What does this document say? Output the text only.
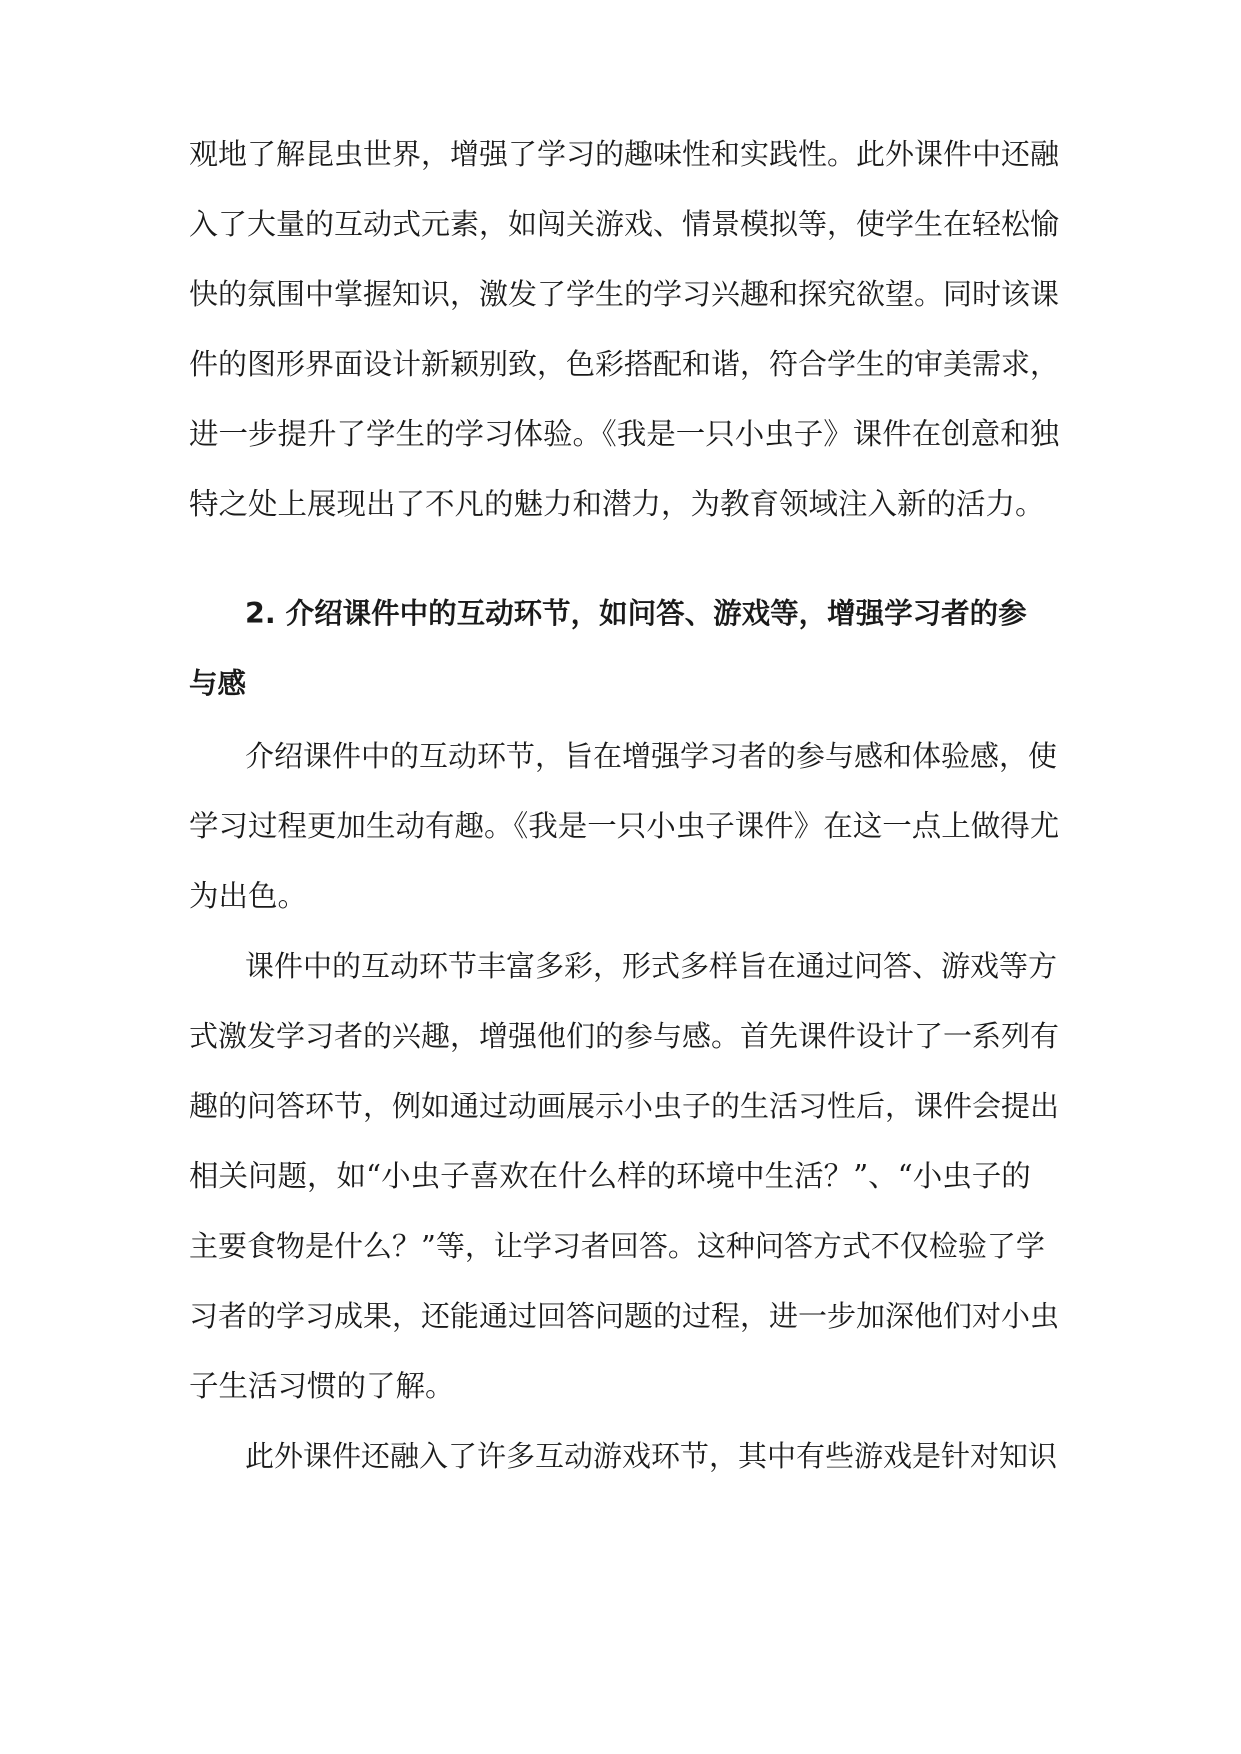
观地了解昆虫世界，增强了学习的趣味性和实践性。此外课件中还融
入了大量的互动式元素，如闯关游戏、情景模拟等，使学生在轻松愉
快的氛围中掌握知识，激发了学生的学习兴趣和探究欲望。同时该课
件的图形界面设计新颖别致，色彩搭配和谐，符合学生的审美需求，
进一步提升了学生的学习体验。《我是一只小虫子》课件在创意和独
特之处上展现出了不凡的魅力和潜力，为教育领域注入新的活力。
2. 介绍课件中的互动环节，如问答、游戏等，增强学习者的参
与感
介绍课件中的互动环节，旨在增强学习者的参与感和体验感，使
学习过程更加生动有趣。《我是一只小虫子课件》在这一点上做得尤
为出色。
课件中的互动环节丰富多彩，形式多样旨在通过问答、游戏等方
式激发学习者的兴趣，增强他们的参与感。首先课件设计了一系列有
趣的问答环节，例如通过动画展示小虫子的生活习性后，课件会提出
相关问题，如“小虫子喜欢在什么样的环境中生活？”、“小虫子的
主要食物是什么？”等，让学习者回答。这种问答方式不仅检验了学
习者的学习成果，还能通过回答问题的过程，进一步加深他们对小虫
子生活习惯的了解。
此外课件还融入了许多互动游戏环节，其中有些游戏是针对知识
